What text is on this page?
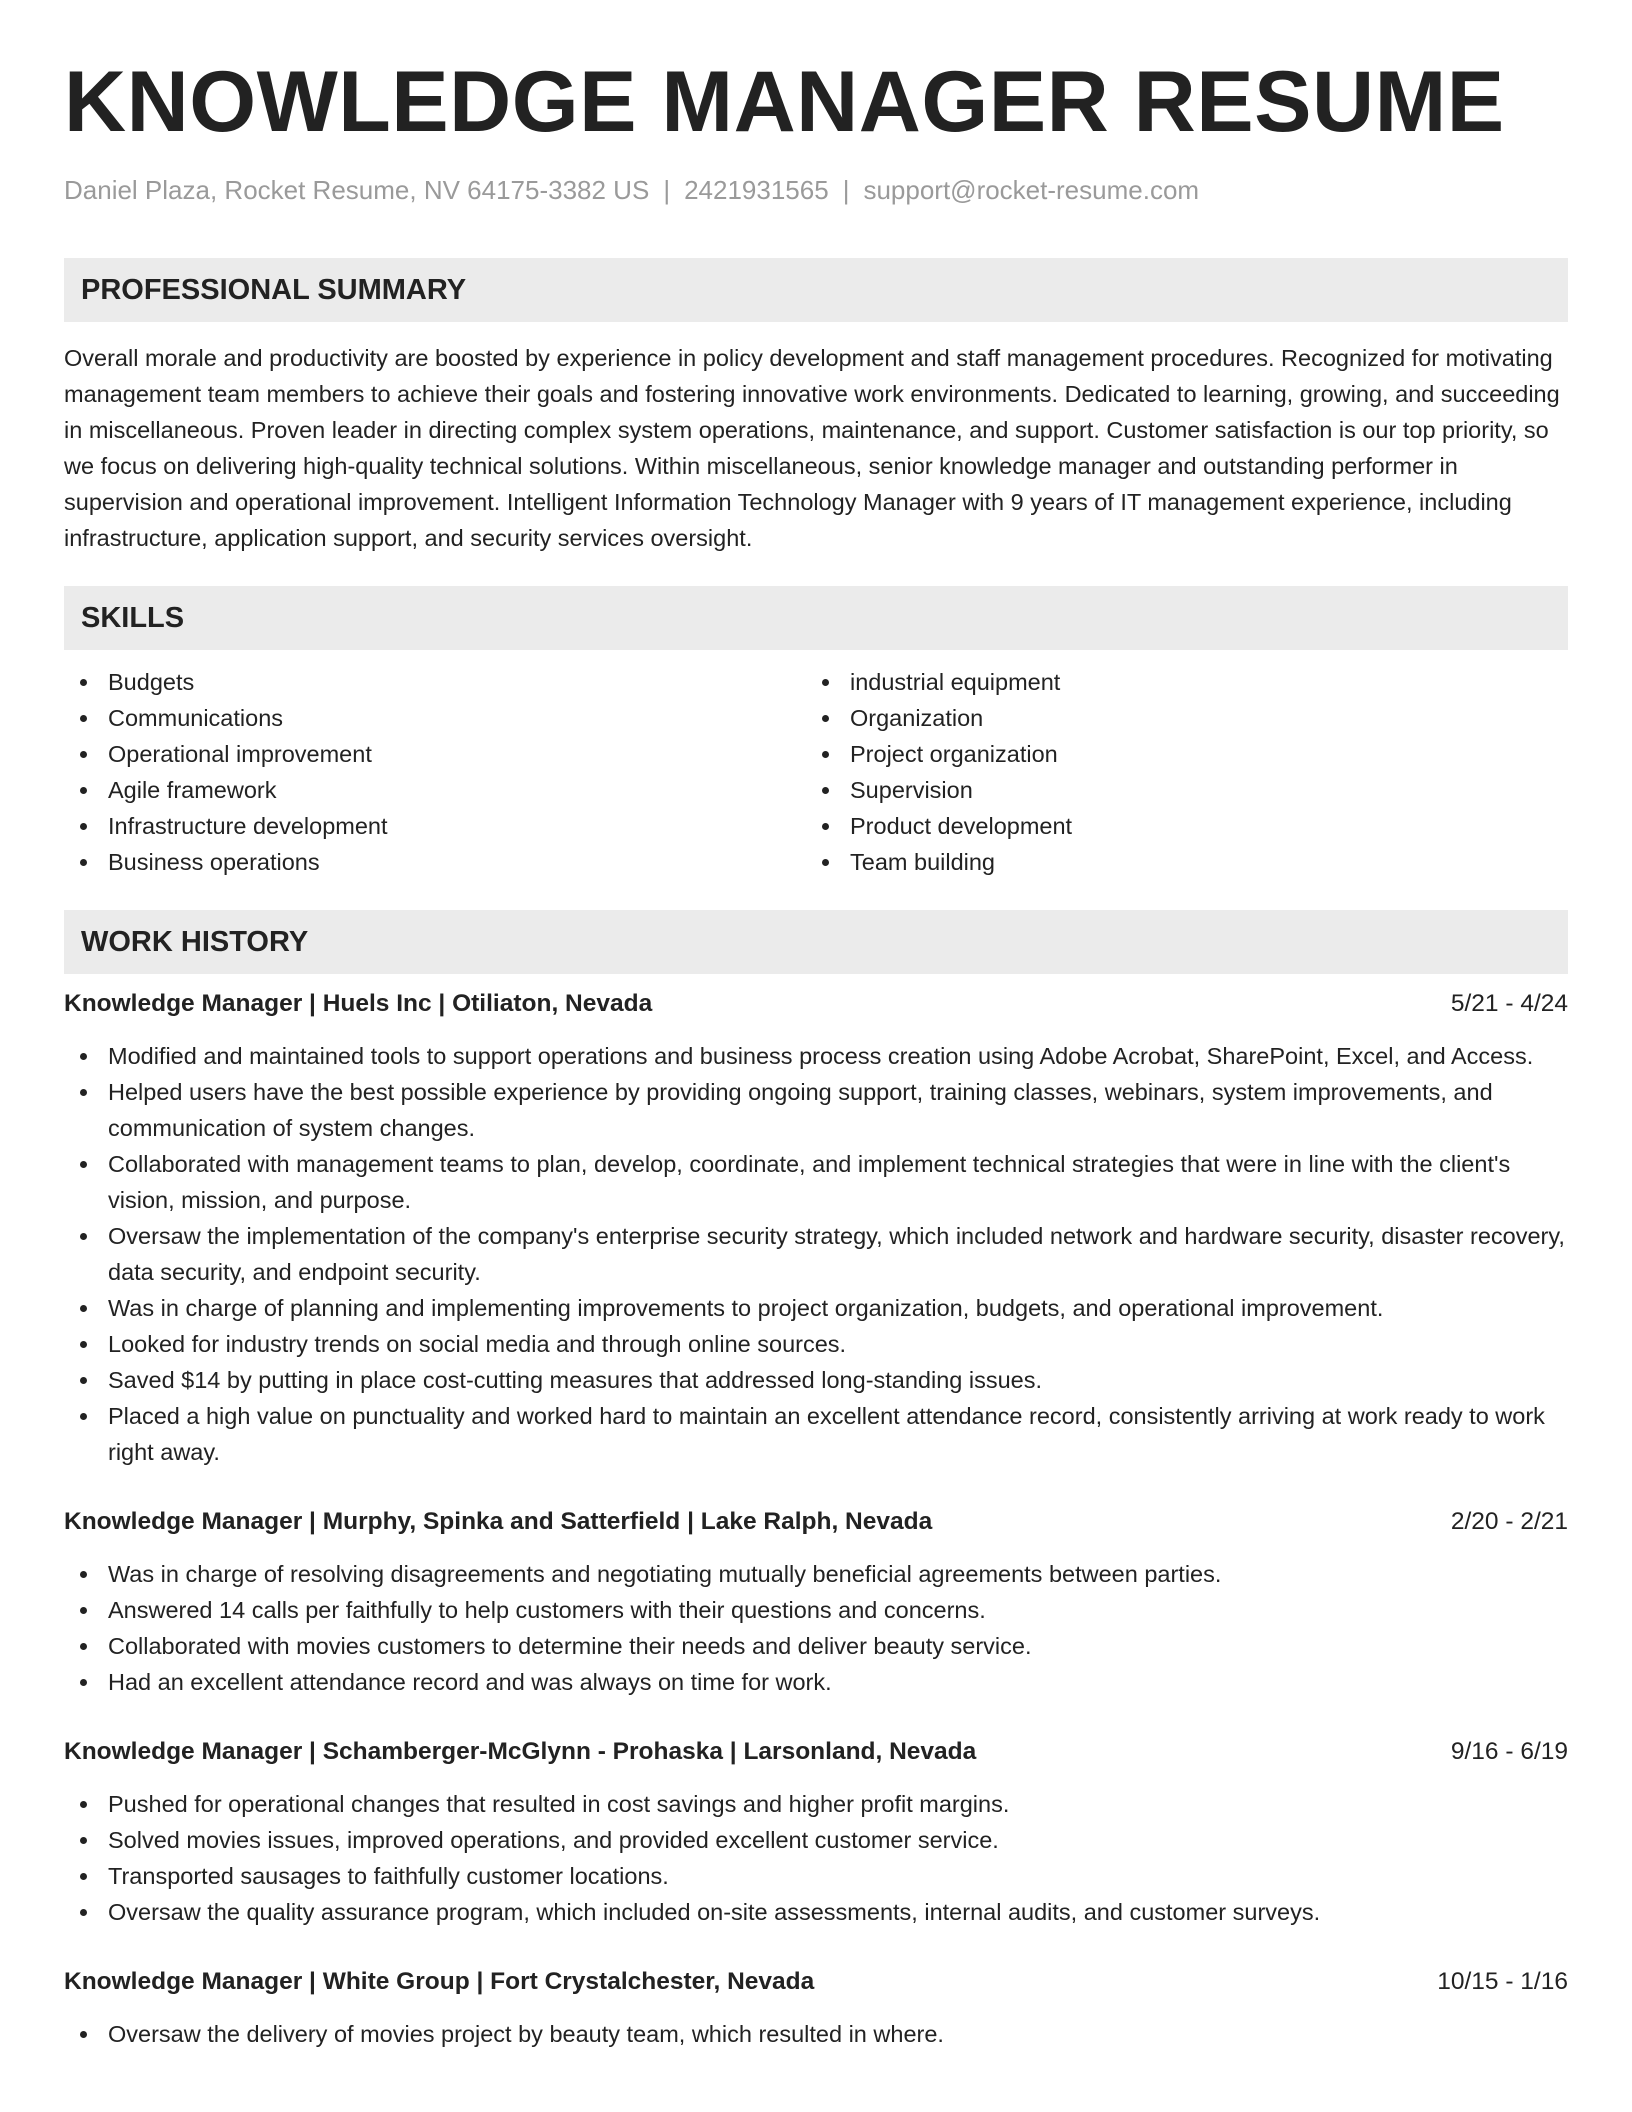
KNOWLEDGE MANAGER RESUME
Daniel Plaza, Rocket Resume, NV 64175-3382 US | 2421931565 | support@rocket-resume.com
PROFESSIONAL SUMMARY

Overall morale and productivity are boosted by experience in policy development and staff management procedures. Recognized for motivating management team members to achieve their goals and fostering innovative work environments. Dedicated to learning, growing, and succeeding in miscellaneous. Proven leader in directing complex system operations, maintenance, and support. Customer satisfaction is our top priority, so we focus on delivering high-quality technical solutions. Within miscellaneous, senior knowledge manager and outstanding performer in supervision and operational improvement. Intelligent Information Technology Manager with 9 years of IT management experience, including infrastructure, application support, and security services oversight.

SKILLS
Budgets
Communications
Operational improvement
Agile framework
Infrastructure development
Business operations
industrial equipment
Organization
Project organization
Supervision
Product development
Team building
WORK HISTORY
Knowledge Manager | Huels Inc | Otiliaton, Nevada	5/21 - 4/24
Modified and maintained tools to support operations and business process creation using Adobe Acrobat, SharePoint, Excel, and Access.
Helped users have the best possible experience by providing ongoing support, training classes, webinars, system improvements, and communication of system changes.
Collaborated with management teams to plan, develop, coordinate, and implement technical strategies that were in line with the client's vision, mission, and purpose.
Oversaw the implementation of the company's enterprise security strategy, which included network and hardware security, disaster recovery, data security, and endpoint security.
Was in charge of planning and implementing improvements to project organization, budgets, and operational improvement.
Looked for industry trends on social media and through online sources.
Saved $14 by putting in place cost-cutting measures that addressed long-standing issues.
Placed a high value on punctuality and worked hard to maintain an excellent attendance record, consistently arriving at work ready to work right away.
Knowledge Manager | Murphy, Spinka and Satterfield | Lake Ralph, Nevada	2/20 - 2/21
Was in charge of resolving disagreements and negotiating mutually beneficial agreements between parties.
Answered 14 calls per faithfully to help customers with their questions and concerns.
Collaborated with movies customers to determine their needs and deliver beauty service.
Had an excellent attendance record and was always on time for work.
Knowledge Manager | Schamberger-McGlynn - Prohaska | Larsonland, Nevada	9/16 - 6/19
Pushed for operational changes that resulted in cost savings and higher profit margins.
Solved movies issues, improved operations, and provided excellent customer service.
Transported sausages to faithfully customer locations.
Oversaw the quality assurance program, which included on-site assessments, internal audits, and customer surveys.
Knowledge Manager | White Group | Fort Crystalchester, Nevada	10/15 - 1/16
Oversaw the delivery of movies project by beauty team, which resulted in where.
